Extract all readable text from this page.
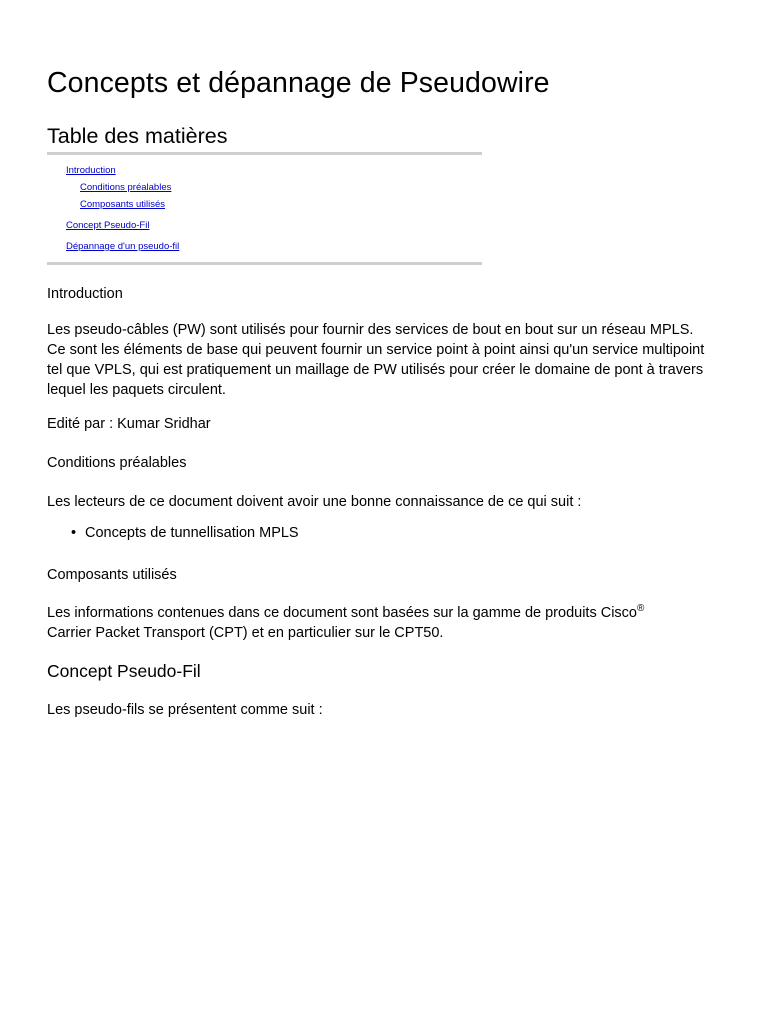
Concepts et dépannage de Pseudowire
Table des matières
Introduction
Conditions préalables
Composants utilisés
Concept Pseudo-Fil
Dépannage d'un pseudo-fil

Introduction

Les pseudo-câbles (PW) sont utilisés pour fournir des services de bout en bout sur un réseau MPLS. Ce sont les éléments de base qui peuvent fournir un service point à point ainsi qu'un service multipoint tel que VPLS, qui est pratiquement un maillage de PW utilisés pour créer le domaine de pont à travers lequel les paquets circulent.

Edité par : Kumar Sridhar

Conditions préalables

Les lecteurs de ce document doivent avoir une bonne connaissance de ce qui suit :

• Concepts de tunnellisation MPLS

Composants utilisés

Les informations contenues dans ce document sont basées sur la gamme de produits Cisco®
Carrier Packet Transport (CPT) et en particulier sur le CPT50.

Concept Pseudo-Fil

Les pseudo-fils se présentent comme suit :
